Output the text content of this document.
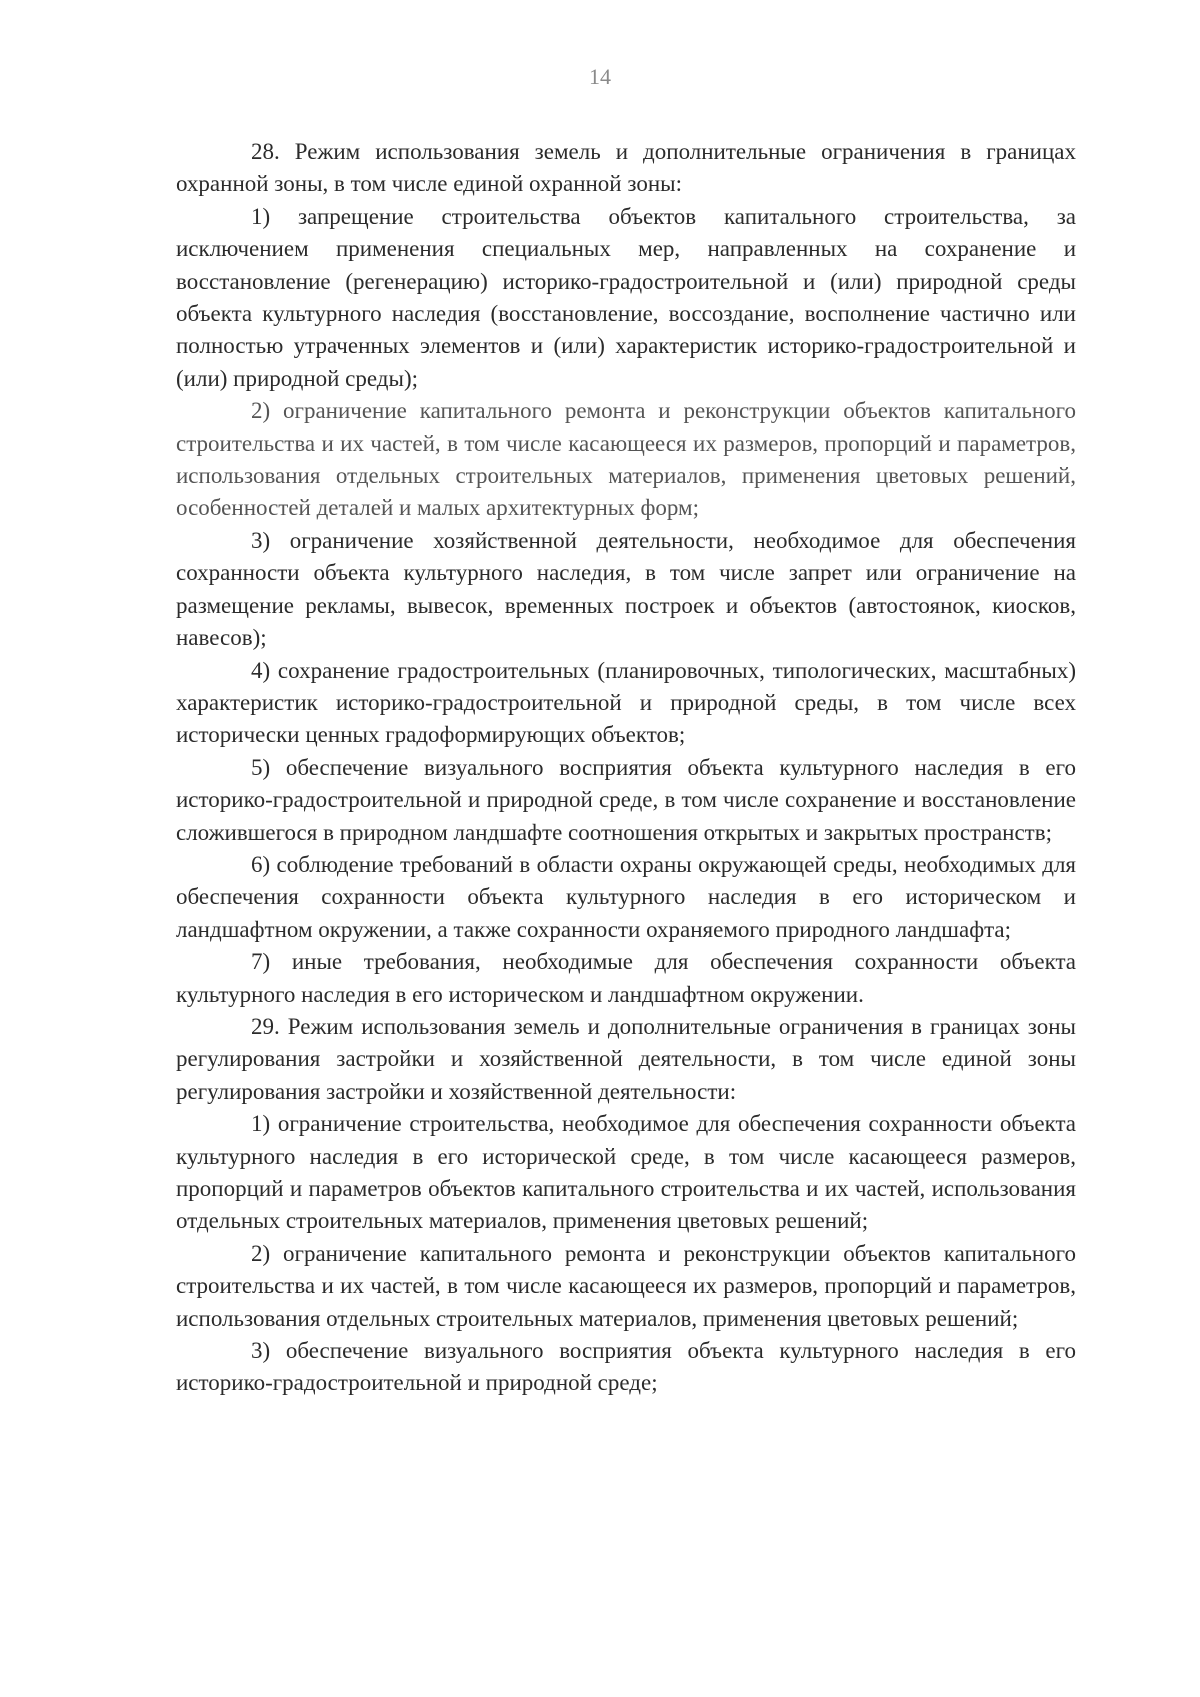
14

28. Режим использования земель и дополнительные ограничения в границах охранной зоны, в том числе единой охранной зоны:

1) запрещение строительства объектов капитального строительства, за исключением применения специальных мер, направленных на сохранение и восстановление (регенерацию) историко-градостроительной и (или) природной среды объекта культурного наследия (восстановление, воссоздание, восполнение частично или полностью утраченных элементов и (или) характеристик историко-градостроительной и (или) природной среды);

2) ограничение капитального ремонта и реконструкции объектов капитального строительства и их частей, в том числе касающееся их размеров, пропорций и параметров, использования отдельных строительных материалов, применения цветовых решений, особенностей деталей и малых архитектурных форм;

3) ограничение хозяйственной деятельности, необходимое для обеспечения сохранности объекта культурного наследия, в том числе запрет или ограничение на размещение рекламы, вывесок, временных построек и объектов (автостоянок, киосков, навесов);

4) сохранение градостроительных (планировочных, типологических, масштабных) характеристик историко-градостроительной и природной среды, в том числе всех исторически ценных градоформирующих объектов;

5) обеспечение визуального восприятия объекта культурного наследия в его историко-градостроительной и природной среде, в том числе сохранение и восстановление сложившегося в природном ландшафте соотношения открытых и закрытых пространств;

6) соблюдение требований в области охраны окружающей среды, необходимых для обеспечения сохранности объекта культурного наследия в его историческом и ландшафтном окружении, а также сохранности охраняемого природного ландшафта;

7) иные требования, необходимые для обеспечения сохранности объекта культурного наследия в его историческом и ландшафтном окружении.

29. Режим использования земель и дополнительные ограничения в границах зоны регулирования застройки и хозяйственной деятельности, в том числе единой зоны регулирования застройки и хозяйственной деятельности:

1) ограничение строительства, необходимое для обеспечения сохранности объекта культурного наследия в его исторической среде, в том числе касающееся размеров, пропорций и параметров объектов капитального строительства и их частей, использования отдельных строительных материалов, применения цветовых решений;

2) ограничение капитального ремонта и реконструкции объектов капитального строительства и их частей, в том числе касающееся их размеров, пропорций и параметров, использования отдельных строительных материалов, применения цветовых решений;

3) обеспечение визуального восприятия объекта культурного наследия в его историко-градостроительной и природной среде;
